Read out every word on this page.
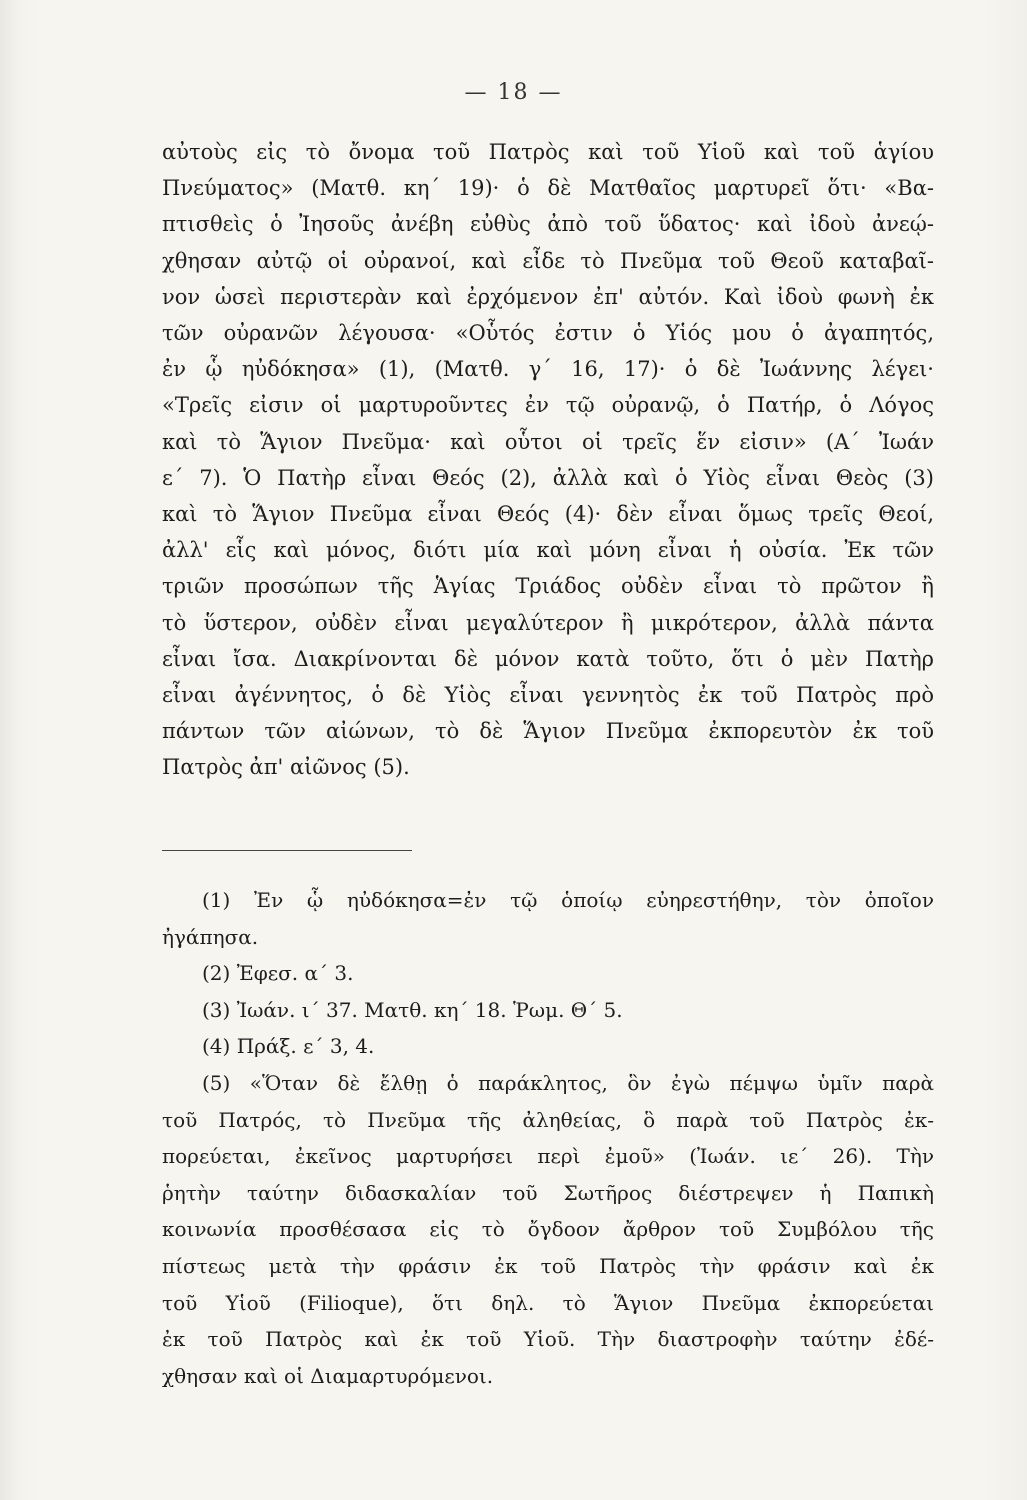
— 18 —
αὐτοὺς εἰς τὸ ὄνομα τοῦ Πατρὸς καὶ τοῦ Υἱοῦ καὶ τοῦ ἁγίου
Πνεύματος» (Ματθ. κη΄ 19)· ὁ δὲ Ματθαῖος μαρτυρεῖ ὅτι· «Βα-
πτισθεὶς ὁ Ἰησοῦς ἀνέβη εὐθὺς ἀπὸ τοῦ ὕδατος· καὶ ἰδοὺ ἀνεῴ-
χθησαν αὐτῷ οἱ οὐρανοί, καὶ εἶδε τὸ Πνεῦμα τοῦ Θεοῦ καταβαῖ-
νον ὡσεὶ περιστερὰν καὶ ἐρχόμενον ἐπ' αὐτόν. Καὶ ἰδοὺ φωνὴ ἐκ
τῶν οὐρανῶν λέγουσα· «Οὗτός ἐστιν ὁ Υἱός μου ὁ ἀγαπητός,
ἐν ᾧ ηὐδόκησα» (1), (Ματθ. γ΄ 16, 17)· ὁ δὲ Ἰωάννης λέγει·
«Τρεῖς εἰσιν οἱ μαρτυροῦντες ἐν τῷ οὐρανῷ, ὁ Πατήρ, ὁ Λόγος
καὶ τὸ Ἅγιον Πνεῦμα· καὶ οὗτοι οἱ τρεῖς ἕν εἰσιν» (Α΄ Ἰωάν
ε΄ 7). Ὁ Πατὴρ εἶναι Θεός (2), ἀλλὰ καὶ ὁ Υἱὸς εἶναι Θεὸς (3)
καὶ τὸ Ἅγιον Πνεῦμα εἶναι Θεός (4)· δὲν εἶναι ὅμως τρεῖς Θεοί,
ἀλλ' εἷς καὶ μόνος, διότι μία καὶ μόνη εἶναι ἡ οὐσία. Ἐκ τῶν
τριῶν προσώπων τῆς Ἁγίας Τριάδος οὐδὲν εἶναι τὸ πρῶτον ἢ
τὸ ὕστερον, οὐδὲν εἶναι μεγαλύτερον ἢ μικρότερον, ἀλλὰ πάντα
εἶναι ἴσα. Διακρίνονται δὲ μόνον κατὰ τοῦτο, ὅτι ὁ μὲν Πατὴρ
εἶναι ἀγέννητος, ὁ δὲ Υἱὸς εἶναι γεννητὸς ἐκ τοῦ Πατρὸς πρὸ
πάντων τῶν αἰώνων, τὸ δὲ Ἅγιον Πνεῦμα ἐκπορευτὸν ἐκ τοῦ
Πατρὸς ἀπ' αἰῶνος (5).
(1) Ἐν ᾧ ηὐδόκησα=ἐν τῷ ὁποίῳ εὐηρεστήθην, τὸν ὁποῖον
ἠγάπησα.
(2) Ἐφεσ. α΄ 3.
(3) Ἰωάν. ι΄ 37. Ματθ. κη΄ 18. Ῥωμ. Θ΄ 5.
(4) Πράξ. ε΄ 3, 4.
(5) «Ὅταν δὲ ἔλθῃ ὁ παράκλητος, ὃν ἐγὼ πέμψω ὑμῖν παρὰ
τοῦ Πατρός, τὸ Πνεῦμα τῆς ἀληθείας, ὃ παρὰ τοῦ Πατρὸς ἐκ-
πορεύεται, ἐκεῖνος μαρτυρήσει περὶ ἐμοῦ» (Ἰωάν. ιε΄ 26). Τὴν
ῥητὴν ταύτην διδασκαλίαν τοῦ Σωτῆρος διέστρεψεν ἡ Παπικὴ
κοινωνία προσθέσασα εἰς τὸ ὄγδοον ἄρθρον τοῦ Συμβόλου τῆς
πίστεως μετὰ τὴν φράσιν ἐκ τοῦ Πατρὸς τὴν φράσιν καὶ ἐκ
τοῦ Υἱοῦ (Filioque), ὅτι δηλ. τὸ Ἅγιον Πνεῦμα ἐκπορεύεται
ἐκ τοῦ Πατρὸς καὶ ἐκ τοῦ Υἱοῦ. Τὴν διαστροφὴν ταύτην ἐδέ-
χθησαν καὶ οἱ Διαμαρτυρόμενοι.
